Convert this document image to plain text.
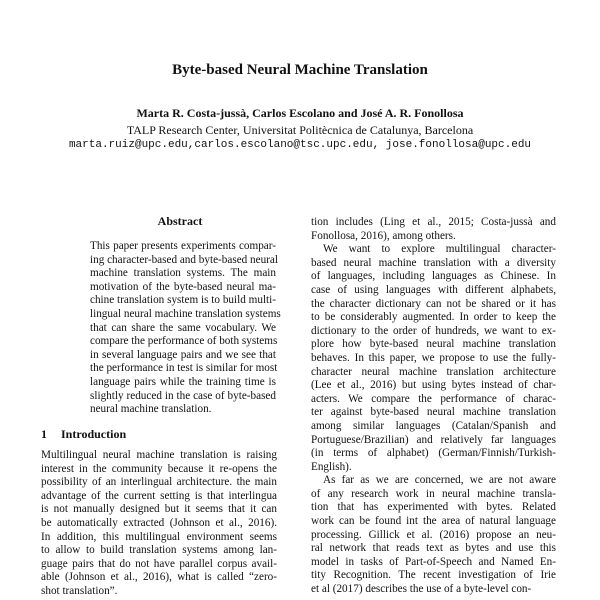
Byte-based Neural Machine Translation
Marta R. Costa-jussà, Carlos Escolano and José A. R. Fonollosa
TALP Research Center, Universitat Politècnica de Catalunya, Barcelona
marta.ruiz@upc.edu,carlos.escolano@tsc.upc.edu, jose.fonollosa@upc.edu
Abstract
This paper presents experiments compar-
ing character-based and byte-based neural
machine translation systems. The main
motivation of the byte-based neural ma-
chine translation system is to build multi-
lingual neural machine translation systems
that can share the same vocabulary. We
compare the performance of both systems
in several language pairs and we see that
the performance in test is similar for most
language pairs while the training time is
slightly reduced in the case of byte-based
neural machine translation.
1 Introduction
Multilingual neural machine translation is raising
interest in the community because it re-opens the
possibility of an interlingual architecture. the main
advantage of the current setting is that interlingua
is not manually designed but it seems that it can
be automatically extracted (Johnson et al., 2016).
In addition, this multilingual environment seems
to allow to build translation systems among lan-
guage pairs that do not have parallel corpus avail-
able (Johnson et al., 2016), what is called “zero-
shot translation”.
tion includes (Ling et al., 2015; Costa-jussà and
Fonollosa, 2016), among others.
We want to explore multilingual character-
based neural machine translation with a diversity
of languages, including languages as Chinese. In
case of using languages with different alphabets,
the character dictionary can not be shared or it has
to be considerably augmented. In order to keep the
dictionary to the order of hundreds, we want to ex-
plore how byte-based neural machine translation
behaves. In this paper, we propose to use the fully-
character neural machine translation architecture
(Lee et al., 2016) but using bytes instead of char-
acters. We compare the performance of charac-
ter against byte-based neural machine translation
among similar languages (Catalan/Spanish and
Portuguese/Brazilian) and relatively far languages
(in terms of alphabet) (German/Finnish/Turkish-
English).
As far as we are concerned, we are not aware
of any research work in neural machine transla-
tion that has experimented with bytes. Related
work can be found int the area of natural language
processing. Gillick et al. (2016) propose an neu-
ral network that reads text as bytes and use this
model in tasks of Part-of-Speech and Named En-
tity Recognition. The recent investigation of Irie
et al (2017) describes the use of a byte-level con-
